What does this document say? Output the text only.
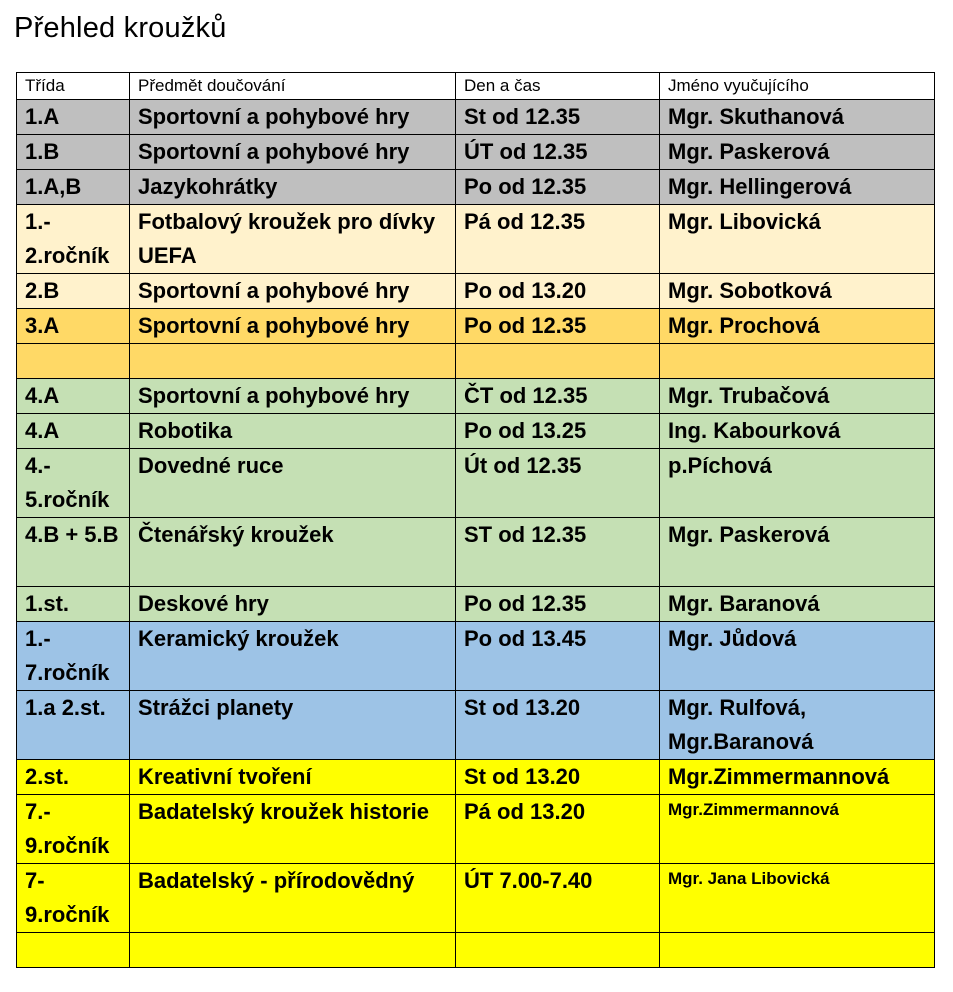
Přehled kroužků
Třída	Předmět doučování	Den a čas	Jméno vyučujícího
1.A	Sportovní a pohybové hry	St od 12.35	Mgr. Skuthanová
1.B	Sportovní a pohybové hry	ÚT od 12.35	Mgr. Paskerová
1.A,B	Jazykohrátky	Po od 12.35	Mgr. Hellingerová
1.- 2.ročník	Fotbalový kroužek pro dívky UEFA	Pá od 12.35	Mgr. Libovická
2.B	Sportovní a pohybové hry	Po od 13.20	Mgr. Sobotková
3.A	Sportovní a pohybové hry	Po od 12.35	Mgr. Prochová

4.A	Sportovní a pohybové hry	ČT od 12.35	Mgr. Trubačová
4.A	Robotika	Po od 13.25	Ing. Kabourková
4.- 5.ročník	Dovedné ruce	Út od 12.35	p.Píchová
4.B + 5.B	Čtenářský kroužek	ST od 12.35	Mgr. Paskerová
1.st.	Deskové hry	Po od 12.35	Mgr. Baranová
1.- 7.ročník	Keramický kroužek	Po od 13.45	Mgr. Jůdová
1.a 2.st.	Strážci planety	St od 13.20	Mgr. Rulfová, Mgr.Baranová
2.st.	Kreativní tvoření	St od 13.20	Mgr.Zimmermannová
7.- 9.ročník	Badatelský kroužek historie	Pá od 13.20	Mgr.Zimmermannová
7- 9.ročník	Badatelský - přírodovědný	ÚT 7.00-7.40	Mgr. Jana Libovická
